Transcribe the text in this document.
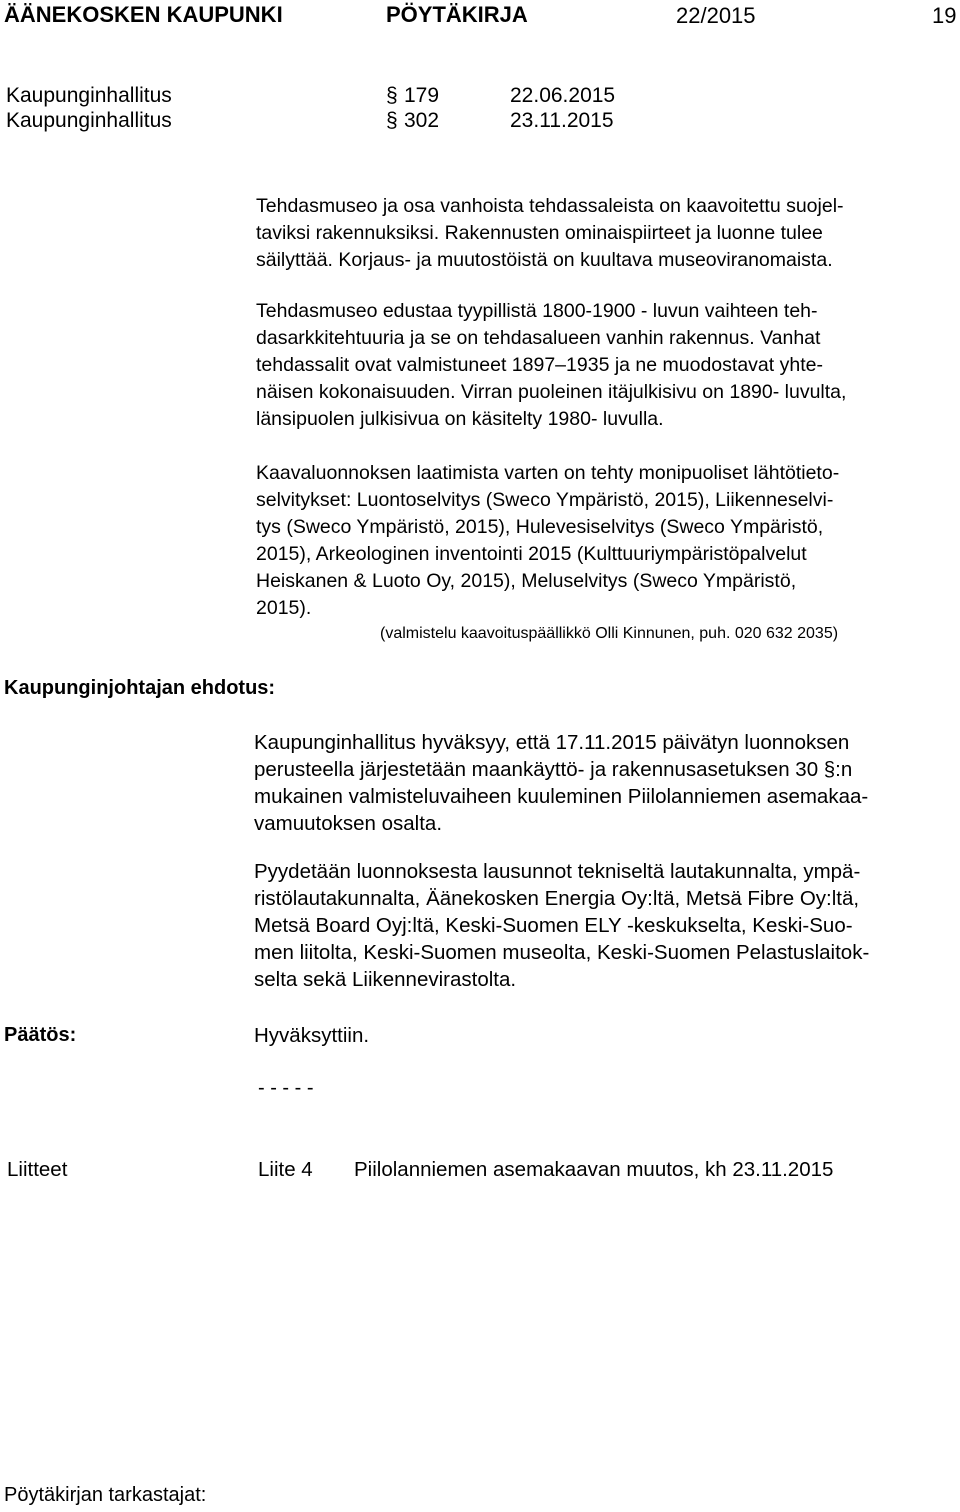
ÄÄNEKOSKEN KAUPUNKI	PÖYTÄKIRJA	22/2015	19
Kaupunginhallitus	§ 179	22.06.2015
Kaupunginhallitus	§ 302	23.11.2015
Tehdasmuseo ja osa vanhoista tehdassaleista on kaavoitettu suojel-
taviksi rakennuksiksi. Rakennusten ominaispiirteet ja luonne tulee
säilyttää. Korjaus- ja muutostöistä on kuultava museoviranomaista.
Tehdasmuseo edustaa tyypillistä 1800-1900 - luvun vaihteen teh-
dasarkkitehtuuria ja se on tehdasalueen vanhin rakennus. Vanhat
tehdassalit ovat valmistuneet 1897–1935 ja ne muodostavat yhte-
näisen kokonaisuuden. Virran puoleinen itäjulkisivu on 1890- luvulta,
länsipuolen julkisivua on käsitelty 1980- luvulla.
Kaavaluonnoksen laatimista varten on tehty monipuoliset lähtötieto-
selvitykset: Luontoselvitys (Sweco Ympäristö, 2015), Liikenneselvi-
tys (Sweco Ympäristö, 2015), Hulevesiselvitys (Sweco Ympäristö,
2015), Arkeologinen inventointi 2015 (Kulttuuriympäristöpalvelut
Heiskanen & Luoto Oy, 2015), Meluselvitys (Sweco Ympäristö,
2015).
(valmistelu kaavoituspäällikkö Olli Kinnunen, puh. 020 632 2035)
Kaupunginjohtajan ehdotus:
Kaupunginhallitus hyväksyy, että 17.11.2015 päivätyn luonnoksen
perusteella järjestetään maankäyttö- ja rakennusasetuksen 30 §:n
mukainen valmisteluvaiheen kuuleminen Piilolanniemen asemakaa-
vamuutoksen osalta.
Pyydetään luonnoksesta lausunnot tekniseltä lautakunnalta, ympä-
ristölautakunnalta, Äänekosken Energia Oy:ltä, Metsä Fibre Oy:ltä,
Metsä Board Oyj:ltä, Keski-Suomen ELY -keskukselta, Keski-Suo-
men liitolta, Keski-Suomen museolta, Keski-Suomen Pelastuslaitok-
selta sekä Liikennevirastolta.
Päätös:	Hyväksyttiin.
- - - - -
Liitteet	Liite 4 Piilolanniemen asemakaavan muutos, kh 23.11.2015
Pöytäkirjan tarkastajat:
